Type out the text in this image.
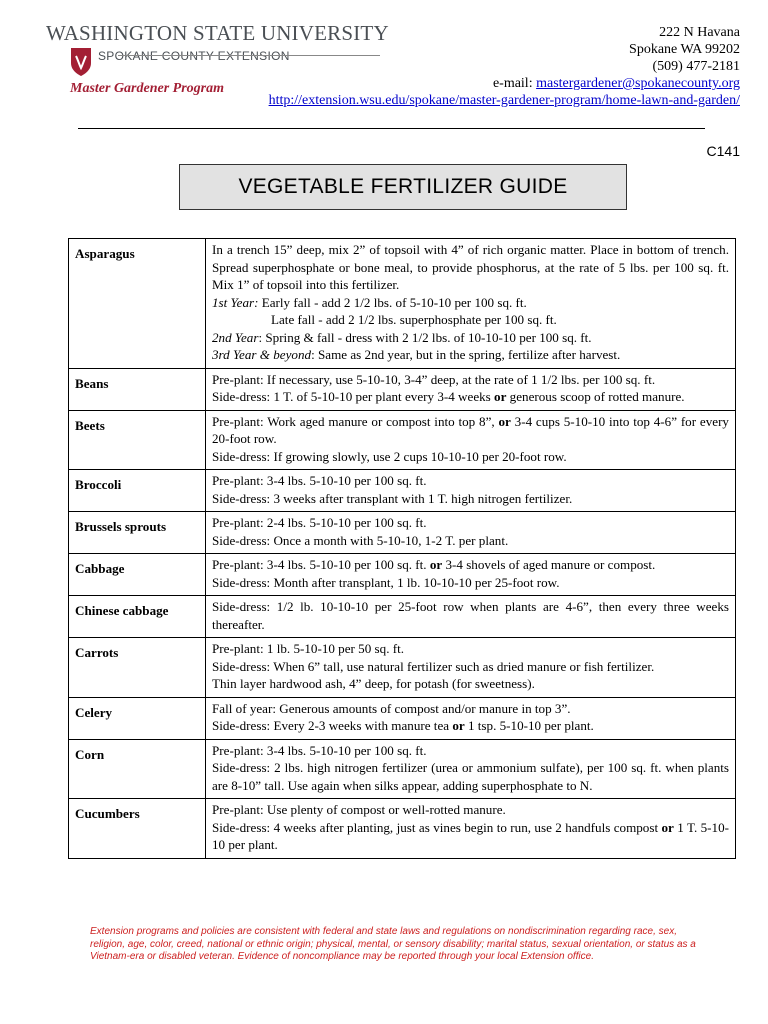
WASHINGTON STATE UNIVERSITY
SPOKANE COUNTY EXTENSION
Master Gardener Program
222 N Havana
Spokane WA 99202
(509) 477-2181
e-mail: mastergardener@spokanecounty.org
http://extension.wsu.edu/spokane/master-gardener-program/home-lawn-and-garden/
C141
VEGETABLE FERTILIZER GUIDE
Asparagus	In a trench 15” deep, mix 2” of topsoil with 4” of rich organic matter. Place in bottom of trench. Spread superphosphate or bone meal, to provide phosphorus, at the rate of 5 lbs. per 100 sq. ft. Mix 1” of topsoil into this fertilizer.
1st Year: Early fall - add 2 1/2 lbs. of 5-10-10 per 100 sq. ft.
Late fall - add 2 1/2 lbs. superphosphate per 100 sq. ft.
2nd Year: Spring & fall - dress with 2 1/2 lbs. of 10-10-10 per 100 sq. ft.
3rd Year & beyond: Same as 2nd year, but in the spring, fertilize after harvest.

Beans	Pre-plant: If necessary, use 5-10-10, 3-4” deep, at the rate of 1 1/2 lbs. per 100 sq. ft.
Side-dress: 1 T. of 5-10-10 per plant every 3-4 weeks or generous scoop of rotted manure.

Beets	Pre-plant: Work aged manure or compost into top 8”, or 3-4 cups 5-10-10 into top 4-6” for every 20-foot row.
Side-dress: If growing slowly, use 2 cups 10-10-10 per 20-foot row.

Broccoli	Pre-plant: 3-4 lbs. 5-10-10 per 100 sq. ft.
Side-dress: 3 weeks after transplant with 1 T. high nitrogen fertilizer.

Brussels sprouts	Pre-plant: 2-4 lbs. 5-10-10 per 100 sq. ft.
Side-dress: Once a month with 5-10-10, 1-2 T. per plant.

Cabbage	Pre-plant: 3-4 lbs. 5-10-10 per 100 sq. ft. or 3-4 shovels of aged manure or compost.
Side-dress: Month after transplant, 1 lb. 10-10-10 per 25-foot row.

Chinese cabbage	Side-dress: 1/2 lb. 10-10-10 per 25-foot row when plants are 4-6”, then every three weeks thereafter.

Carrots	Pre-plant: 1 lb. 5-10-10 per 50 sq. ft.
Side-dress: When 6” tall, use natural fertilizer such as dried manure or fish fertilizer.
Thin layer hardwood ash, 4” deep, for potash (for sweetness).

Celery	Fall of year: Generous amounts of compost and/or manure in top 3”.
Side-dress: Every 2-3 weeks with manure tea or 1 tsp. 5-10-10 per plant.

Corn	Pre-plant: 3-4 lbs. 5-10-10 per 100 sq. ft.
Side-dress: 2 lbs. high nitrogen fertilizer (urea or ammonium sulfate), per 100 sq. ft. when plants are 8-10” tall. Use again when silks appear, adding superphosphate to N.

Cucumbers	Pre-plant: Use plenty of compost or well-rotted manure.
Side-dress: 4 weeks after planting, just as vines begin to run, use 2 handfuls compost or 1 T. 5-10-10 per plant.
Extension programs and policies are consistent with federal and state laws and regulations on nondiscrimination regarding race, sex, religion, age, color, creed, national or ethnic origin; physical, mental, or sensory disability; marital status, sexual orientation, or status as a Vietnam-era or disabled veteran. Evidence of noncompliance may be reported through your local Extension office.
